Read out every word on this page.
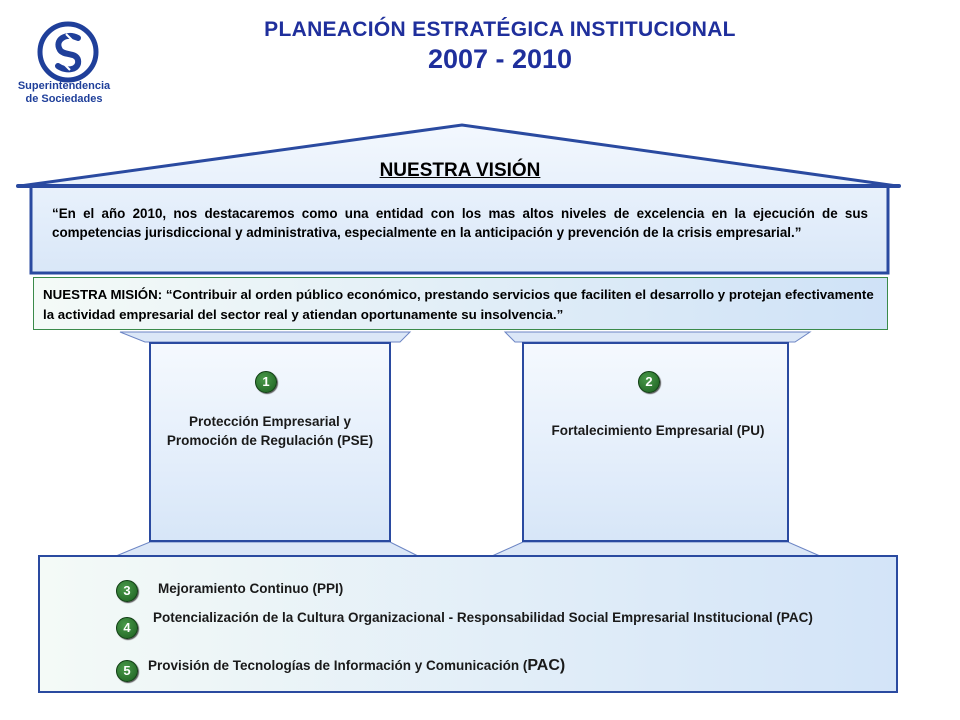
Superintendencia
de Sociedades
PLANEACIÓN ESTRATÉGICA INSTITUCIONAL
2007 - 2010
NUESTRA VISIÓN
“En el año 2010, nos destacaremos como una entidad con los mas altos niveles de excelencia en la ejecución de sus competencias jurisdiccional y administrativa, especialmente en la anticipación y prevención de la crisis empresarial.”
NUESTRA MISIÓN: “Contribuir al orden público económico, prestando servicios que faciliten el desarrollo y protejan efectivamente la actividad empresarial del sector real y atiendan oportunamente su insolvencia.”
1
Protección Empresarial y Promoción de Regulación (PSE)
2
Fortalecimiento Empresarial (PU)
3	Mejoramiento Continuo (PPI)
4
Potencialización de la Cultura Organizacional - Responsabilidad Social Empresarial Institucional (PAC)
5	Provisión de Tecnologías de Información y Comunicación (PAC)
